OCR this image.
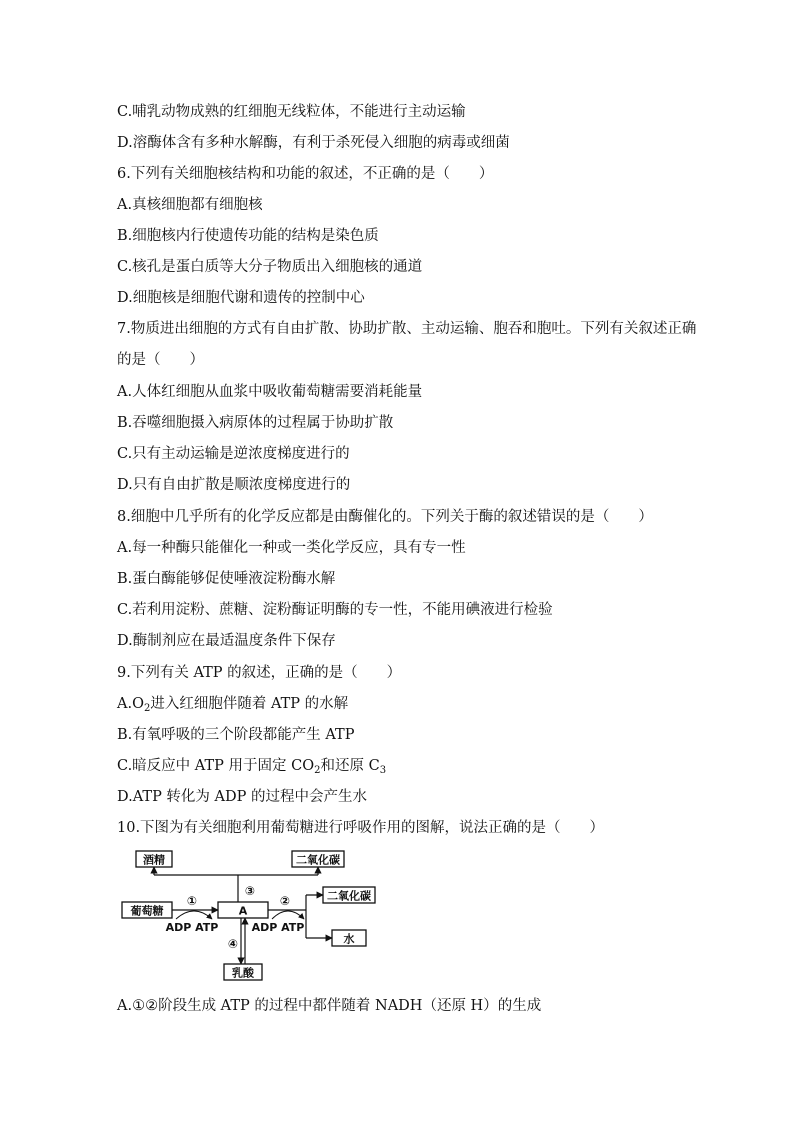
C.哺乳动物成熟的红细胞无线粒体，不能进行主动运输
D.溶酶体含有多种水解酶，有利于杀死侵入细胞的病毒或细菌
6.下列有关细胞核结构和功能的叙述，不正确的是（　　）
A.真核细胞都有细胞核
B.细胞核内行使遗传功能的结构是染色质
C.核孔是蛋白质等大分子物质出入细胞核的通道
D.细胞核是细胞代谢和遗传的控制中心
7.物质进出细胞的方式有自由扩散、协助扩散、主动运输、胞吞和胞吐。下列有关叙述正确
的是（　　）
A.人体红细胞从血浆中吸收葡萄糖需要消耗能量
B.吞噬细胞摄入病原体的过程属于协助扩散
C.只有主动运输是逆浓度梯度进行的
D.只有自由扩散是顺浓度梯度进行的
8.细胞中几乎所有的化学反应都是由酶催化的。下列关于酶的叙述错误的是（　　）
A.每一种酶只能催化一种或一类化学反应，具有专一性
B.蛋白酶能够促使唾液淀粉酶水解
C.若利用淀粉、蔗糖、淀粉酶证明酶的专一性，不能用碘液进行检验
D.酶制剂应在最适温度条件下保存
9.下列有关 ATP 的叙述，正确的是（　　）
$A.O_2$进入红细胞伴随着 ATP 的水解
B.有氧呼吸的三个阶段都能产生 ATP
C.暗反应中 ATP 用于固定 $CO_2$和还原 $C_3$
D.ATP 转化为 ADP 的过程中会产生水
10.下图为有关细胞利用葡萄糖进行呼吸作用的图解，说法正确的是（　　）
酒精	二氧化碳
葡萄糖	A
二氧化碳
水
乳酸
①	②
③
④
ADP ATP	ADP ATP
A.①②阶段生成 ATP 的过程中都伴随着 NADH（还原 H）的生成
